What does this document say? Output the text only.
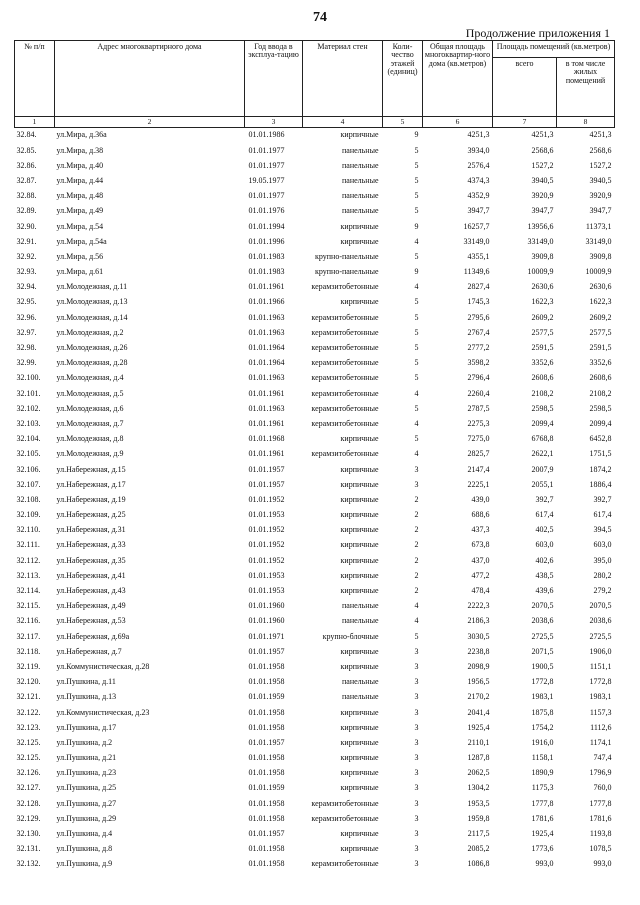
74
Продолжение приложения 1
№ п/п	Адрес многоквартирного дома	Год ввода в эксплуа-тацию	Материал стен	Коли-чество этажей (единиц)	Общая площадь многоквартир-ного дома (кв.метров)	Площадь помещений (кв.метров)	
						всего	в том числе жилых помещений
1	2	3	4	5	6	7	8
32.84.	ул.Мира, д.36а	01.01.1986	кирпичные	9	4251,3	4251,3	4251,3
32.85.	ул.Мира, д.38	01.01.1977	панельные	5	3934,0	2568,6	2568,6
32.86.	ул.Мира, д.40	01.01.1977	панельные	5	2576,4	1527,2	1527,2
32.87.	ул.Мира, д.44	19.05.1977	панельные	5	4374,3	3940,5	3940,5
32.88.	ул.Мира, д.48	01.01.1977	панельные	5	4352,9	3920,9	3920,9
32.89.	ул.Мира, д.49	01.01.1976	панельные	5	3947,7	3947,7	3947,7
32.90.	ул.Мира, д.54	01.01.1994	кирпичные	9	16257,7	13956,6	11373,1
32.91.	ул.Мира, д.54а	01.01.1996	кирпичные	4	33149,0	33149,0	33149,0
32.92.	ул.Мира, д.56	01.01.1983	крупно-панельные	5	4355,1	3909,8	3909,8
32.93.	ул.Мира, д.61	01.01.1983	крупно-панельные	9	11349,6	10009,9	10009,9
32.94.	ул.Молодежная, д.11	01.01.1961	керамзитобетонные	4	2827,4	2630,6	2630,6
32.95.	ул.Молодежная, д.13	01.01.1966	кирпичные	5	1745,3	1622,3	1622,3
32.96.	ул.Молодежная, д.14	01.01.1963	керамзитобетонные	5	2795,6	2609,2	2609,2
32.97.	ул.Молодежная, д.2	01.01.1963	керамзитобетонные	5	2767,4	2577,5	2577,5
32.98.	ул.Молодежная, д.26	01.01.1964	керамзитобетонные	5	2777,2	2591,5	2591,5
32.99.	ул.Молодежная, д.28	01.01.1964	керамзитобетонные	5	3598,2	3352,6	3352,6
32.100.	ул.Молодежная, д.4	01.01.1963	керамзитобетонные	5	2796,4	2608,6	2608,6
32.101.	ул.Молодежная, д.5	01.01.1961	керамзитобетонные	4	2260,4	2108,2	2108,2
32.102.	ул.Молодежная, д.6	01.01.1963	керамзитобетонные	5	2787,5	2598,5	2598,5
32.103.	ул.Молодежная, д.7	01.01.1961	керамзитобетонные	4	2275,3	2099,4	2099,4
32.104.	ул.Молодежная, д.8	01.01.1968	кирпичные	5	7275,0	6768,8	6452,8
32.105.	ул.Молодежная, д.9	01.01.1961	керамзитобетонные	4	2825,7	2622,1	1751,5
32.106.	ул.Набережная, д.15	01.01.1957	кирпичные	3	2147,4	2007,9	1874,2
32.107.	ул.Набережная, д.17	01.01.1957	кирпичные	3	2225,1	2055,1	1886,4
32.108.	ул.Набережная, д.19	01.01.1952	кирпичные	2	439,0	392,7	392,7
32.109.	ул.Набережная, д.25	01.01.1953	кирпичные	2	688,6	617,4	617,4
32.110.	ул.Набережная, д.31	01.01.1952	кирпичные	2	437,3	402,5	394,5
32.111.	ул.Набережная, д.33	01.01.1952	кирпичные	2	673,8	603,0	603,0
32.112.	ул.Набережная, д.35	01.01.1952	кирпичные	2	437,0	402,6	395,0
32.113.	ул.Набережная, д.41	01.01.1953	кирпичные	2	477,2	438,5	280,2
32.114.	ул.Набережная, д.43	01.01.1953	кирпичные	2	478,4	439,6	279,2
32.115.	ул.Набережная, д.49	01.01.1960	панельные	4	2222,3	2070,5	2070,5
32.116.	ул.Набережная, д.53	01.01.1960	панельные	4	2186,3	2038,6	2038,6
32.117.	ул.Набережная, д.69а	01.01.1971	крупно-блочные	5	3030,5	2725,5	2725,5
32.118.	ул.Набережная, д.7	01.01.1957	кирпичные	3	2238,8	2071,5	1906,0
32.119.	ул.Коммунистическая, д.28	01.01.1958	кирпичные	3	2098,9	1900,5	1151,1
32.120.	ул.Пушкина, д.11	01.01.1958	панельные	3	1956,5	1772,8	1772,8
32.121.	ул.Пушкина, д.13	01.01.1959	панельные	3	2170,2	1983,1	1983,1
32.122.	ул.Коммунистическая, д.23	01.01.1958	кирпичные	3	2041,4	1875,8	1157,3
32.123.	ул.Пушкина, д.17	01.01.1958	кирпичные	3	1925,4	1754,2	1112,6
32.125.	ул.Пушкина, д.2	01.01.1957	кирпичные	3	2110,1	1916,0	1174,1
32.125.	ул.Пушкина, д.21	01.01.1958	кирпичные	3	1287,8	1158,1	747,4
32.126.	ул.Пушкина, д.23	01.01.1958	кирпичные	3	2062,5	1890,9	1796,9
32.127.	ул.Пушкина, д.25	01.01.1959	кирпичные	3	1304,2	1175,3	760,0
32.128.	ул.Пушкина, д.27	01.01.1958	керамзитобетонные	3	1953,5	1777,8	1777,8
32.129.	ул.Пушкина, д.29	01.01.1958	керамзитобетонные	3	1959,8	1781,6	1781,6
32.130.	ул.Пушкина, д.4	01.01.1957	кирпичные	3	2117,5	1925,4	1193,8
32.131.	ул.Пушкина, д.8	01.01.1958	кирпичные	3	2085,2	1773,6	1078,5
32.132.	ул.Пушкина, д.9	01.01.1958	керамзитобетонные	3	1086,8	993,0	993,0
